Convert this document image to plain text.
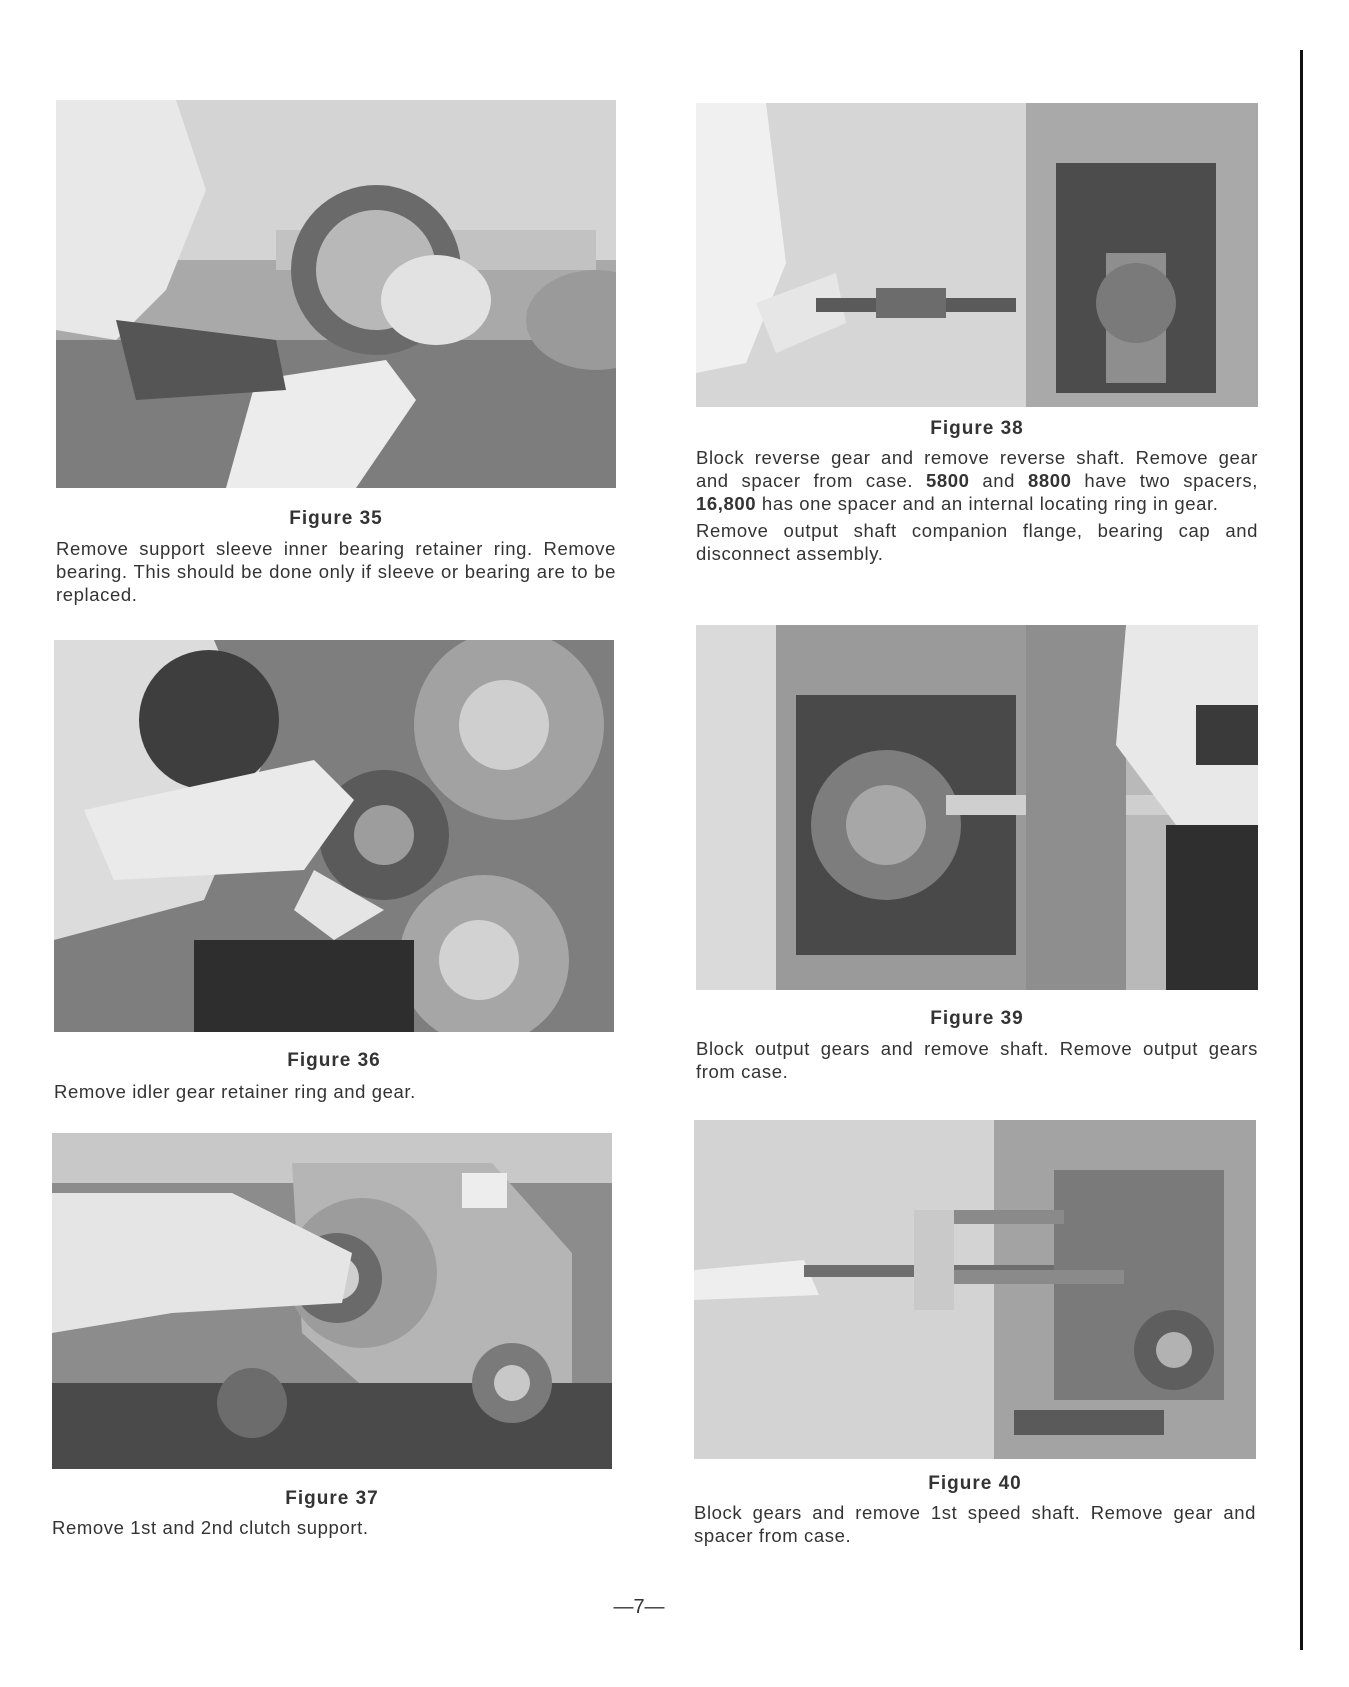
Figure 35
Remove support sleeve inner bearing retainer ring. Remove bearing. This should be done only if sleeve or bearing are to be replaced.
Figure 36
Remove idler gear retainer ring and gear.
Figure 37
Remove 1st and 2nd clutch support.
Figure 38

Block reverse gear and remove reverse shaft. Remove gear and spacer from case. 5800 and 8800 have two spacers, 16,800 has one spacer and an internal locating ring in gear.

Remove output shaft companion flange, bearing cap and disconnect assembly.

Figure 39
Block output gears and remove shaft. Remove output gears from case.
Figure 40
Block gears and remove 1st speed shaft. Remove gear and spacer from case.
—7—
